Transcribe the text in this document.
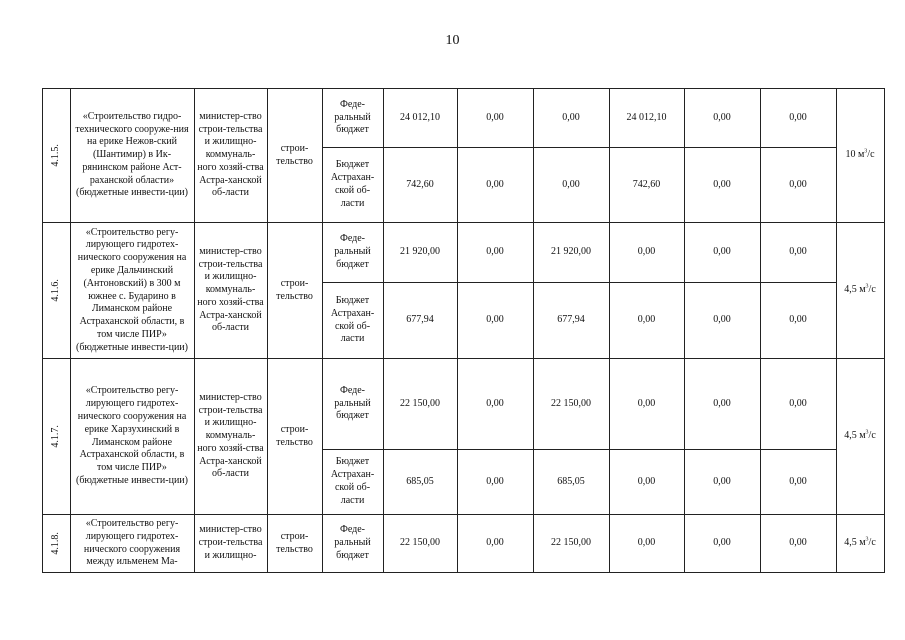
10
4.1.5.	«Строительство гидро-технического сооруже-ния на ерике Нежов-ский (Шантимир) в Ик-рянинском районе Аст-раханской области» (бюджетные инвести-ции)	министер-ство строи-тельства и жилищно-коммуналь-ного хозяй-ства Астра-ханской об-ласти	строи-тельство	Феде-ральный бюджет	24 012,10	0,00	0,00	24 012,10	0,00	0,00	10 $м^3/с$
				Бюджет Астрахан-ской об-ласти	742,60	0,00	0,00	742,60	0,00	0,00	
4.1.6.	«Строительство регу-лирующего гидротех-нического сооружения на ерике Дальчинский (Антоновский) в 300 м южнее с. Бударино в Лиманском районе Астраханской области, в том числе ПИР» (бюджетные инвести-ции)	министер-ство строи-тельства и жилищно-коммуналь-ного хозяй-ства Астра-ханской об-ласти	строи-тельство	Феде-ральный бюджет	21 920,00	0,00	21 920,00	0,00	0,00	0,00	4,5 $м^3/с$
				Бюджет Астрахан-ской об-ласти	677,94	0,00	677,94	0,00	0,00	0,00	
4.1.7.	«Строительство регу-лирующего гидротех-нического сооружения на ерике Харзухинский в Лиманском районе Астраханской области, в том числе ПИР» (бюджетные инвести-ции)	министер-ство строи-тельства и жилищно-коммуналь-ного хозяй-ства Астра-ханской об-ласти	строи-тельство	Феде-ральный бюджет	22 150,00	0,00	22 150,00	0,00	0,00	0,00	4,5 $м^3/с$
				Бюджет Астрахан-ской об-ласти	685,05	0,00	685,05	0,00	0,00	0,00	
4.1.8.	«Строительство регу-лирующего гидротех-нического сооружения между ильменем Ма-	министер-ство строи-тельства и жилищно-	строи-тельство	Феде-ральный бюджет	22 150,00	0,00	22 150,00	0,00	0,00	0,00	4,5 $м^3/с$
